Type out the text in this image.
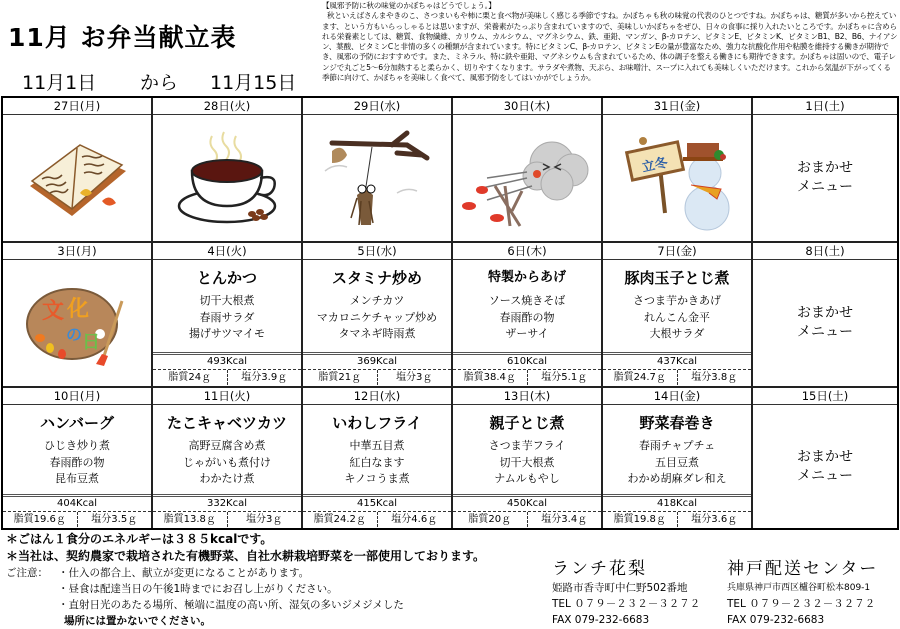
11月 お弁当献立表
11月1日	から	11月15日
【風邪予防に秋の味覚のかぼちゃはどうでしょう。】
秋といえばさんまやきのこ、さつまいもや柿に栗と食べ物が美味しく感じる季節ですね。かぼちゃも秋の味覚の代表のひとつですね。かぼちゃは、糖質が多いから控えています、という方もいらっしゃるとは思いますが、栄養素がたっぷり含まれていますので、美味しいかぼちゃをぜひ、日々の食事に採り入れたいところです。かぼちゃに含められる栄養素としては、糖質、食物繊維、カリウム、カルシウム、マグネシウム、鉄、亜鉛、マンガン、β-カロテン、ビタミンE、ビタミンK、ビタミンB1、B2、B6、ナイアシン、葉酸、ビタミンCと非情の多くの種類が含まれています。特にビタミンC、β-カロテン、ビタミンEの量が豊富なため、強力な抗酸化作用や粘膜を維持する働きが期待でき、風邪の予防におすすめです。また、ミネラル、特に鉄や亜鉛、マグネシウムも含まれているため、体の調子を整える働きにも期待できます。かぼちゃは固いので、電子レンジで丸ごと5～6分加熱すると柔らかく、切りやすくなります。サラダや煮物、天ぷら、お味噌汁、スープに入れても美味しくいただけます。これから気温が下がってくる季節に向けて、かぼちゃを美味しく食べて、風邪予防をしてはいかがでしょうか。
27日(月)	28日(火)	29日(水)	30日(木)	31日(金)
立冬
1日(土)
おまかせ
メニュー
3日(月)
文 化
の 日
4日(火)
とんかつ
切干大根煮
春雨サラダ
揚げサツマイモ
493Kcal
脂質24ｇ	塩分3.9ｇ
5日(水)
スタミナ炒め
メンチカツ
マカロニケチャップ炒め
タマネギ時雨煮
369Kcal
脂質21ｇ	塩分3ｇ
6日(木)
特製からあげ
ソース焼きそば
春雨酢の物
ザーサイ
610Kcal
脂質38.4ｇ	塩分5.1ｇ
7日(金)
豚肉玉子とじ煮
さつま芋かきあげ
れんこん金平
大根サラダ
437Kcal
脂質24.7ｇ	塩分3.8ｇ
8日(土)
おまかせ
メニュー
10日(月)
ハンバーグ
ひじき炒り煮
春雨酢の物
昆布豆煮
404Kcal
脂質19.6ｇ	塩分3.5ｇ
11日(火)
たこキャベツカツ
高野豆腐含め煮
じゃがいも煮付け
わかたけ煮
332Kcal
脂質13.8ｇ	塩分3ｇ
12日(水)
いわしフライ
中華五目煮
紅白なます
キノコうま煮
415Kcal
脂質24.2ｇ	塩分4.6ｇ
13日(木)
親子とじ煮
さつま芋フライ
切干大根煮
ナムルもやし
450Kcal
脂質20ｇ	塩分3.4ｇ
14日(金)
野菜春巻き
春雨チャプチェ
五目豆煮
わかめ胡麻ダレ和え
418Kcal
脂質19.8ｇ	塩分3.6ｇ
15日(土)
おまかせ
メニュー
＊ごはん１食分のエネルギーは３８５kcalです。
＊当社は、契約農家で栽培された有機野菜、自社水耕栽培野菜を一部使用しております。
ご注意： ・仕入の都合上、献立が変更になることがあります。
・昼食は配達当日の午後1時までにお召し上がりください。
・直射日光のあたる場所、極端に温度の高い所、湿気の多いジメジメした
場所には置かないでください。
ランチ花梨
姫路市香寺町中仁野502番地
TEL ０７９－２３２－３２７２
FAX 079-232-6683
神戸配送センター
兵庫県神戸市西区櫨谷町松本809-1
TEL ０７９－２３２－３２７２
FAX 079-232-6683
